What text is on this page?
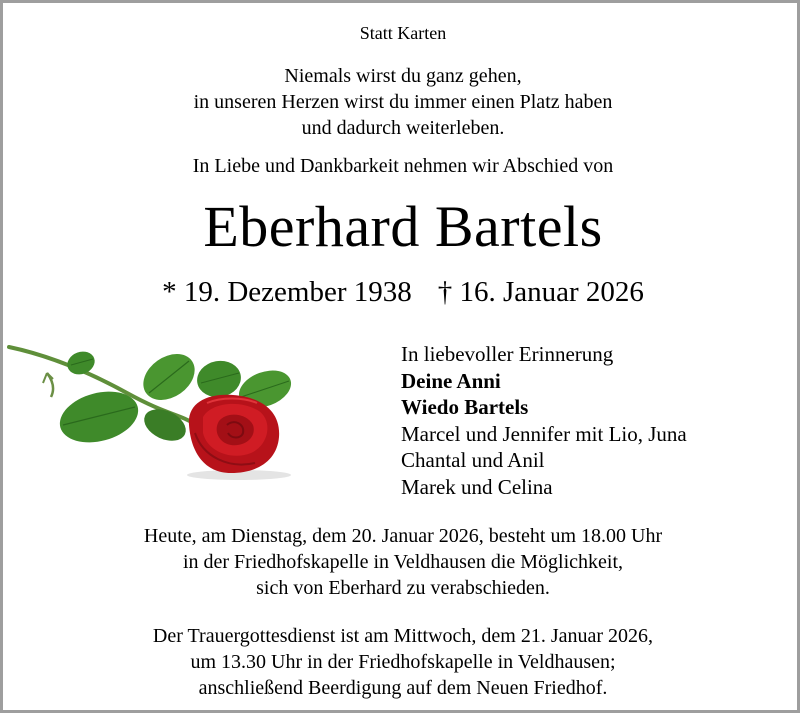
Statt Karten
Niemals wirst du ganz gehen,
in unseren Herzen wirst du immer einen Platz haben
und dadurch weiterleben.
In Liebe und Dankbarkeit nehmen wir Abschied von
Eberhard Bartels
* 19. Dezember 1938 † 16. Januar 2026
In liebevoller Erinnerung
Deine Anni
Wiedo Bartels
Marcel und Jennifer mit Lio, Juna
Chantal und Anil
Marek und Celina
Heute, am Dienstag, dem 20. Januar 2026, besteht um 18.00 Uhr
in der Friedhofskapelle in Veldhausen die Möglichkeit,
sich von Eberhard zu verabschieden.
Der Trauergottesdienst ist am Mittwoch, dem 21. Januar 2026,
um 13.30 Uhr in der Friedhofskapelle in Veldhausen;
anschließend Beerdigung auf dem Neuen Friedhof.
